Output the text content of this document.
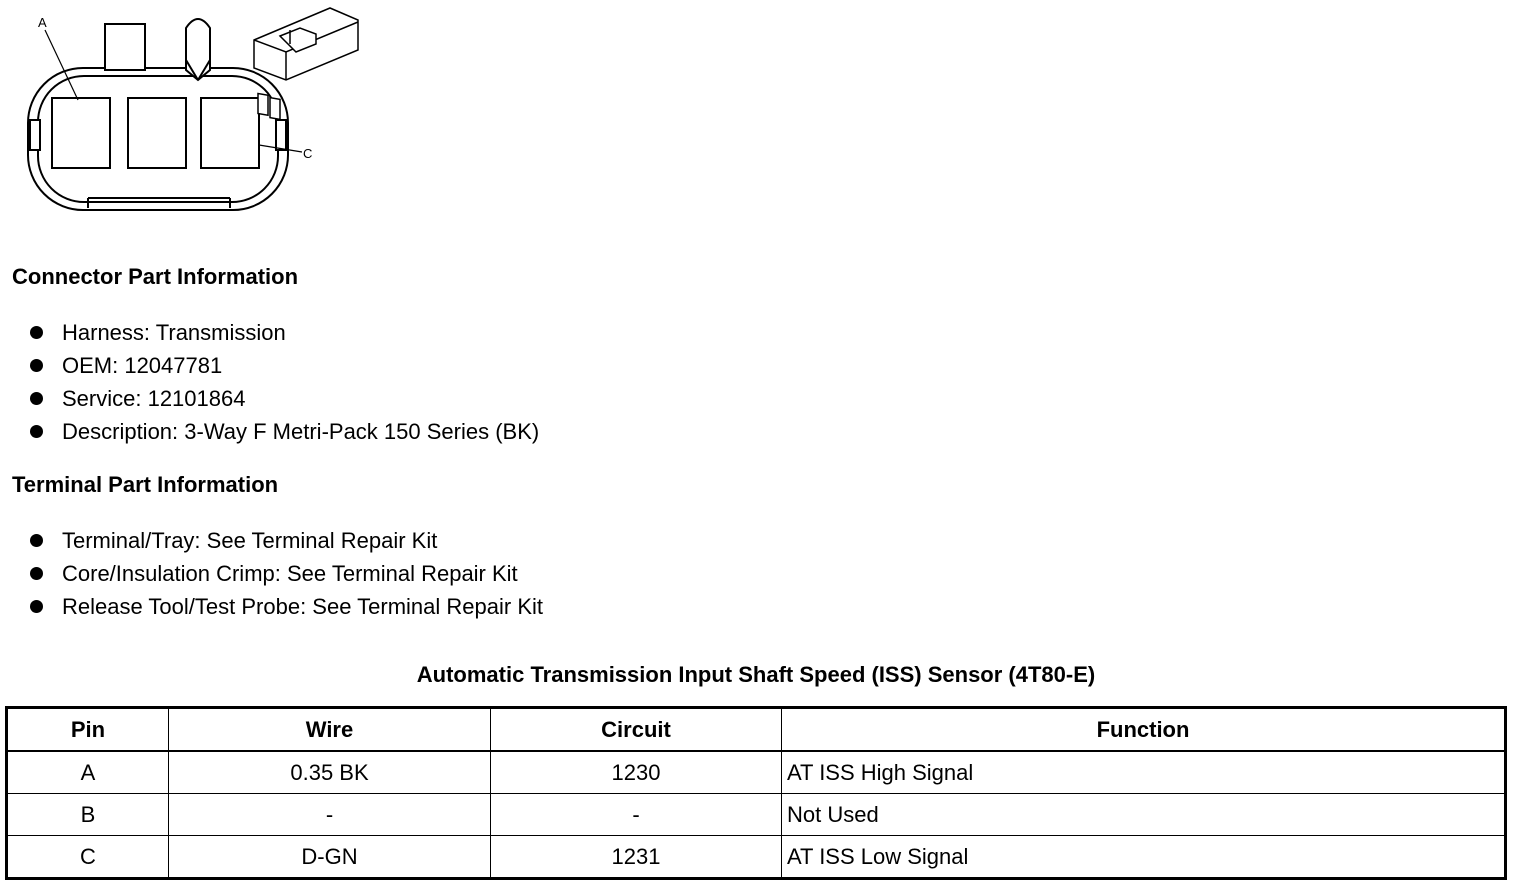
A
C
Connector Part Information
Harness: Transmission
OEM: 12047781
Service: 12101864
Description: 3-Way F Metri-Pack 150 Series (BK)
Terminal Part Information
Terminal/Tray: See Terminal Repair Kit
Core/Insulation Crimp: See Terminal Repair Kit
Release Tool/Test Probe: See Terminal Repair Kit
Automatic Transmission Input Shaft Speed (ISS) Sensor (4T80-E)
Pin	Wire	Circuit	Function
A	0.35 BK	1230	AT ISS High Signal
B	-	-	Not Used
C	D-GN	1231	AT ISS Low Signal
